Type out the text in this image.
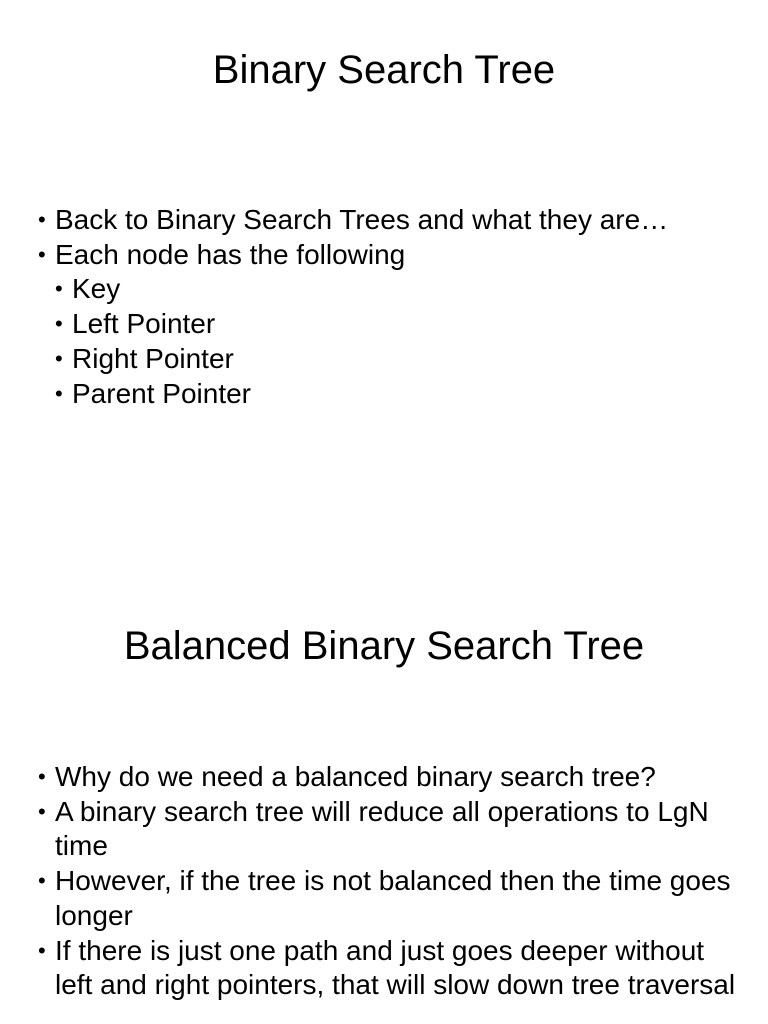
Binary Search Tree
• Back to Binary Search Trees and what they are…
• Each node has the following
• Key
• Left Pointer
• Right Pointer
• Parent Pointer
Balanced Binary Search Tree
• Why do we need a balanced binary search tree?
• A binary search tree will reduce all operations to LgN time
• However, if the tree is not balanced then the time goes longer
• If there is just one path and just goes deeper without left and right pointers, that will slow down tree traversal
